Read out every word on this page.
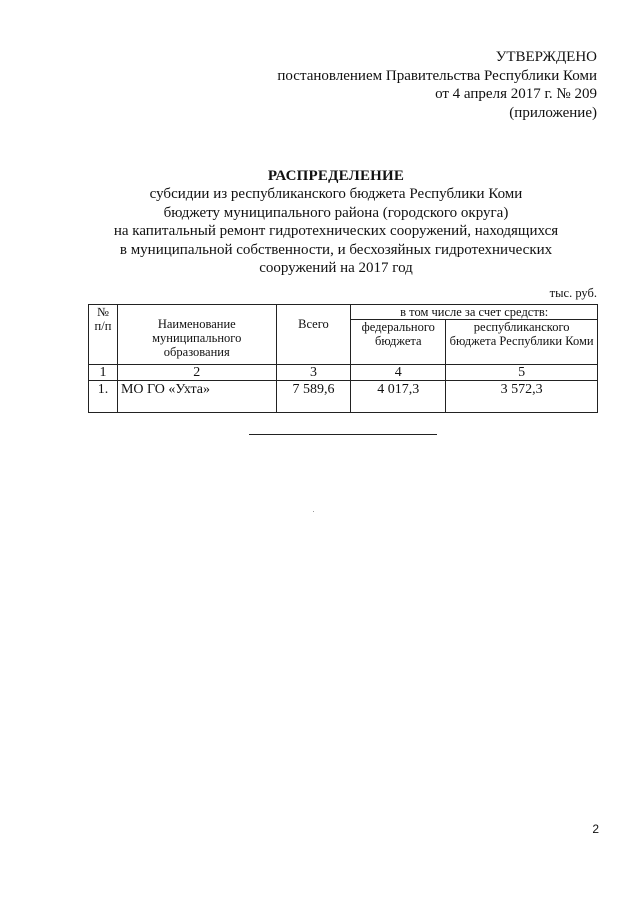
УТВЕРЖДЕНО
постановлением Правительства Республики Коми
от 4 апреля 2017 г. № 209
(приложение)
РАСПРЕДЕЛЕНИЕ
субсидии из республиканского бюджета Республики Коми
бюджету муниципального района (городского округа)
на капитальный ремонт гидротехнических сооружений, находящихся
в муниципальной собственности, и бесхозяйных гидротехнических
сооружений на 2017 год
тыс. руб.
№ п/п	Наименование муниципального образования	Всего	в том числе за счет средств:	
			федерального бюджета	республиканского бюджета Республики Коми
1	2	3	4	5
1.	МО ГО «Ухта»	7 589,6	4 017,3	3 572,3
2
